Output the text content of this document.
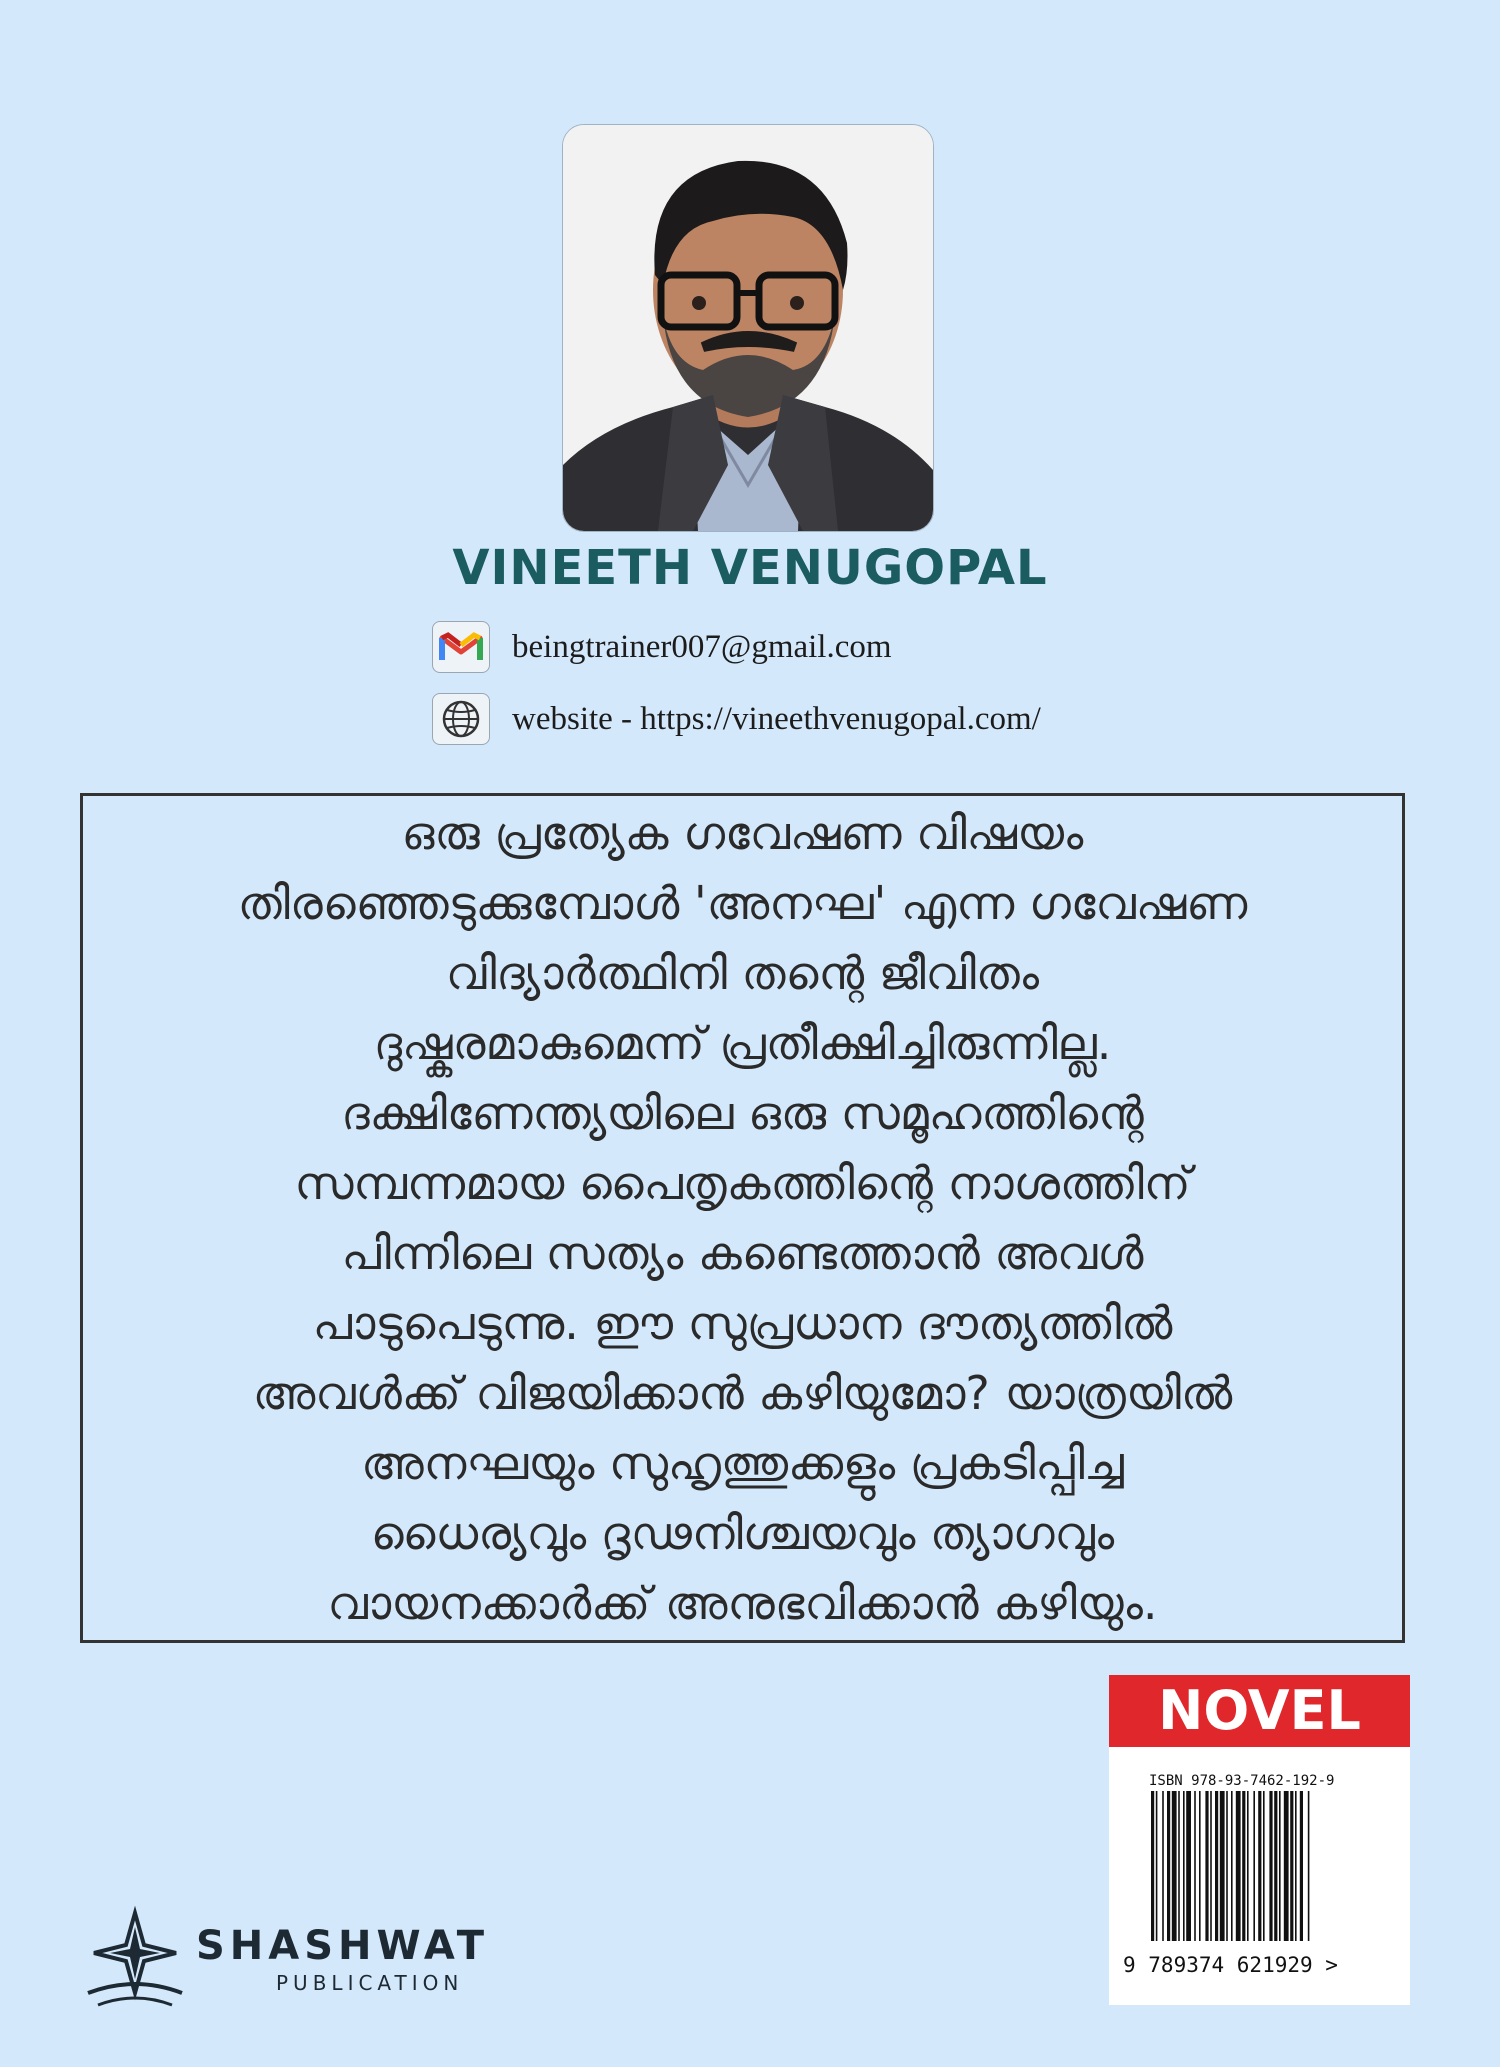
VINEETH VENUGOPAL
beingtrainer007@gmail.com
website - https://vineethvenugopal.com/

ഒരു പ്രത്യേക ഗവേഷണ വിഷയം

തിരഞ്ഞെടുക്കുമ്പോൾ 'അനഘ' എന്ന ഗവേഷണ

വിദ്യാർത്ഥിനി തന്റെ ജീവിതം

ദുഷ്കരമാകുമെന്ന് പ്രതീക്ഷിച്ചിരുന്നില്ല.

ദക്ഷിണേന്ത്യയിലെ ഒരു സമൂഹത്തിന്റെ

സമ്പന്നമായ പൈതൃകത്തിന്റെ നാശത്തിന്

പിന്നിലെ സത്യം കണ്ടെത്താൻ അവൾ

പാടുപെടുന്നു. ഈ സുപ്രധാന ദൗത്യത്തിൽ

അവൾക്ക് വിജയിക്കാൻ കഴിയുമോ? യാത്രയിൽ

അനഘയും സുഹൃത്തുക്കളും പ്രകടിപ്പിച്ച

ധൈര്യവും ദൃഢനിശ്ചയവും ത്യാഗവും

വായനക്കാർക്ക് അനുഭവിക്കാൻ കഴിയും.

NOVEL
ISBN 978-93-7462-192-9
9 789374 621929 >
SHASHWAT
PUBLICATION
